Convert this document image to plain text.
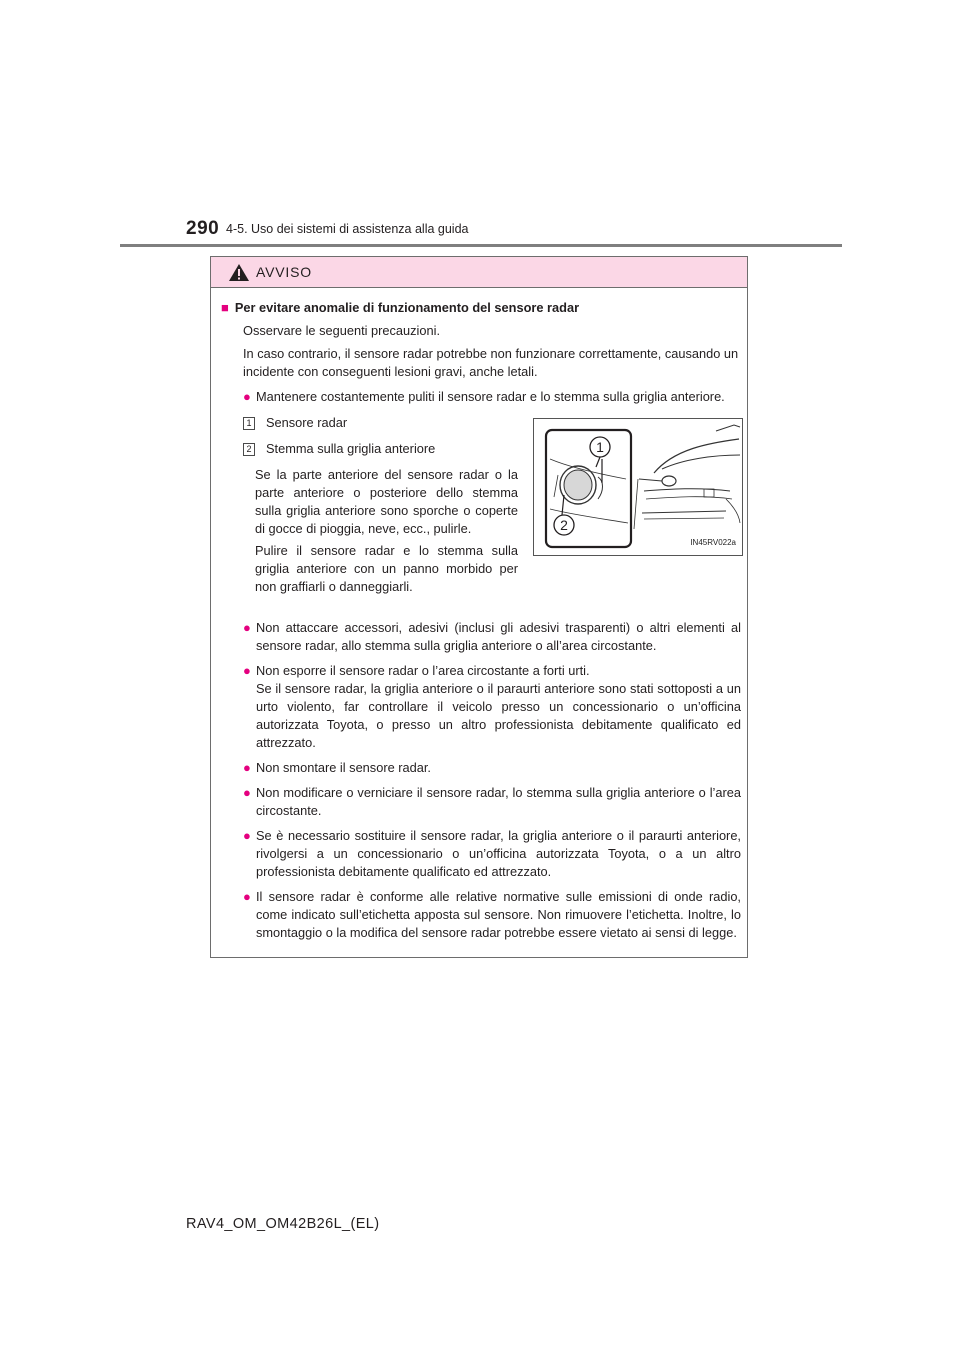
290 4-5. Uso dei sistemi di assistenza alla guida
AVVISO
■ Per evitare anomalie di funzionamento del sensore radar
Osservare le seguenti precauzioni.
In caso contrario, il sensore radar potrebbe non funzionare correttamente, causando un incidente con conseguenti lesioni gravi, anche letali.
● Mantenere costantemente puliti il sensore radar e lo stemma sulla griglia anteriore.
1 Sensore radar
2 Stemma sulla griglia anteriore
Se la parte anteriore del sensore radar o la parte anteriore o posteriore dello stemma sulla griglia anteriore sono sporche o coperte di gocce di pioggia, neve, ecc., pulirle.
Pulire il sensore radar e lo stemma sulla griglia anteriore con un panno morbido per non graffiarli o danneggiarli.
1
2
IN45RV022a
● Non attaccare accessori, adesivi (inclusi gli adesivi trasparenti) o altri elementi al sensore radar, allo stemma sulla griglia anteriore o all’area circostante.
● Non esporre il sensore radar o l’area circostante a forti urti.
Se il sensore radar, la griglia anteriore o il paraurti anteriore sono stati sottoposti a un urto violento, far controllare il veicolo presso un concessionario o un’officina autorizzata Toyota, o presso un altro professionista debitamente qualificato ed attrezzato.
● Non smontare il sensore radar.
● Non modificare o verniciare il sensore radar, lo stemma sulla griglia anteriore o l’area circostante.
● Se è necessario sostituire il sensore radar, la griglia anteriore o il paraurti anteriore, rivolgersi a un concessionario o un’officina autorizzata Toyota, o a un altro professionista debitamente qualificato ed attrezzato.
● Il sensore radar è conforme alle relative normative sulle emissioni di onde radio, come indicato sull’etichetta apposta sul sensore. Non rimuovere l’etichetta. Inoltre, lo smontaggio o la modifica del sensore radar potrebbe essere vietato ai sensi di legge.
RAV4_OM_OM42B26L_(EL)
